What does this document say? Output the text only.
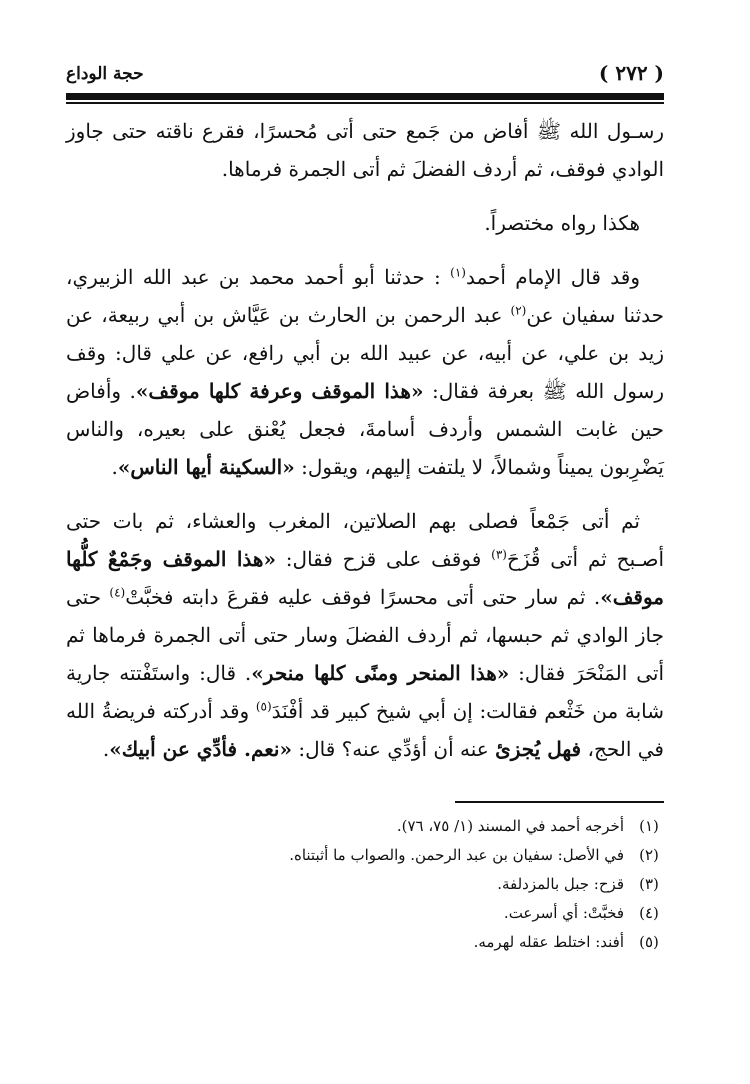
حجة الوداع	( ٢٧٢ )

رسـول الله ﷺ أفاض من جَمع حتى أتى مُحسرًا، فقرع ناقته حتى جاوز الوادي فوقف، ثم أردف الفضلَ ثم أتى الجمرة فرماها.

هكذا رواه مختصراً.

وقد قال الإمام أحمد$^{(١)}$ : حدثنا أبو أحمد محمد بن عبد الله الزبيري، حدثنا سفيان عن$^{(٢)}$ عبد الرحمن بن الحارث بن عَيَّاش بن أبي ربيعة، عن زيد بن علي، عن أبيه، عن عبيد الله بن أبي رافع، عن علي قال: وقف رسول الله ﷺ بعرفة فقال: «هذا الموقف وعرفة كلها موقف». وأفاض حين غابت الشمس وأردف أسامةَ، فجعل يُعْنق على بعيره، والناس يَضْرِبون يميناً وشمالاً، لا يلتفت إليهم، ويقول: «السكينة أيها الناس».

ثم أتى جَمْعاً فصلى بهم الصلاتين، المغرب والعشاء، ثم بات حتى أصـبح ثم أتى قُزَحَ$^{(٣)}$ فوقف على قزح فقال: «هذا الموقف وجَمْعٌ كلُّها موقف». ثم سار حتى أتى محسرًا فوقف عليه فقرعَ دابته فخبَّتْ$^{(٤)}$ حتى جاز الوادي ثم حبسها، ثم أردف الفضلَ وسار حتى أتى الجمرة فرماها ثم أتى المَنْحَرَ فقال: «هذا المنحر ومنًى كلها منحر». قال: واستَفْتته جارية شابة من خَثْعم فقالت: إن أبي شيخ كبير قد أفْنَدَ$^{(٥)}$ وقد أدركته فريضةُ الله في الحج، فهل يُجزئ عنه أن أؤدِّي عنه؟ قال: «نعم. فأدِّي عن أبيك».

(١)
أخرجه أحمد في المسند (١/ ٧٥، ٧٦).
(٢)
في الأصل: سفيان بن عبد الرحمن. والصواب ما أثبتناه.
(٣)
قزح: جبل بالمزدلفة.
(٤)
فخبَّتْ: أي أسرعت.
(٥)
أفند: اختلط عقله لهرمه.
